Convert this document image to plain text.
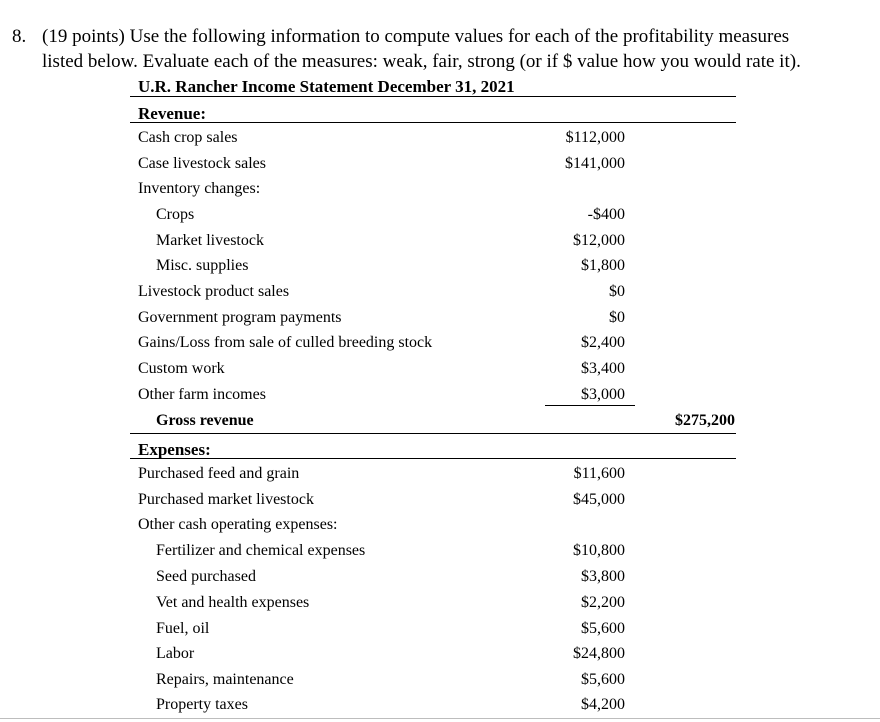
8. (19 points) Use the following information to compute values for each of the profitability measures
listed below. Evaluate each of the measures: weak, fair, strong (or if $ value how you would rate it).
U.R. Rancher Income Statement December 31, 2021
Revenue:
Cash crop sales	$112,000
Case livestock sales	$141,000
Inventory changes:
Crops	-$400
Market livestock	$12,000
Misc. supplies	$1,800
Livestock product sales	$0
Government program payments	$0
Gains/Loss from sale of culled breeding stock	$2,400
Custom work	$3,400
Other farm incomes	$3,000
Gross revenue	$275,200
Expenses:
Purchased feed and grain	$11,600
Purchased market livestock	$45,000
Other cash operating expenses:
Fertilizer and chemical expenses	$10,800
Seed purchased	$3,800
Vet and health expenses	$2,200
Fuel, oil	$5,600
Labor	$24,800
Repairs, maintenance	$5,600
Property taxes	$4,200
